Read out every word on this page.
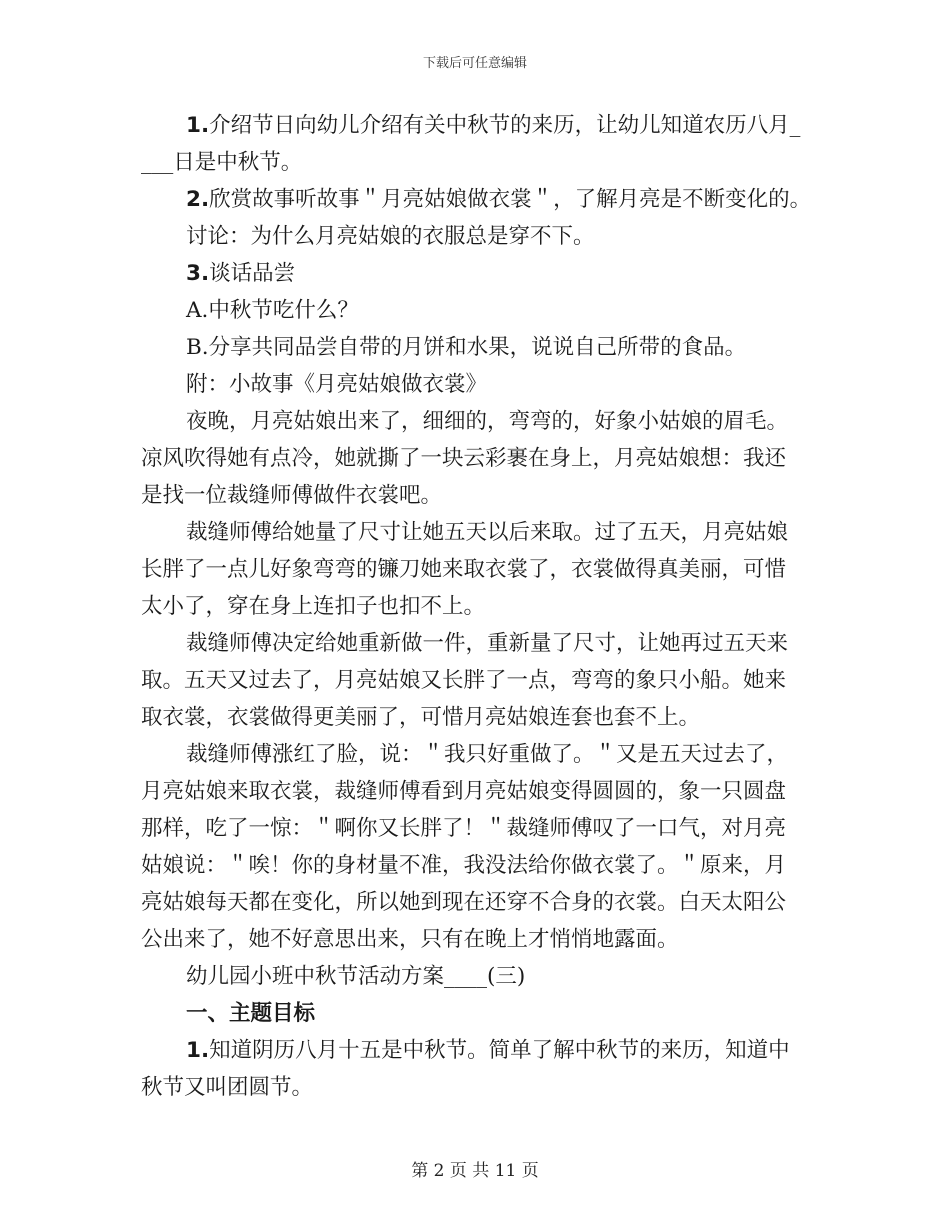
下载后可任意编辑
1.介绍节日向幼儿介绍有关中秋节的来历，让幼儿知道农历八月_
___日是中秋节。
2.欣赏故事听故事＂月亮姑娘做衣裳＂，了解月亮是不断变化的。
讨论：为什么月亮姑娘的衣服总是穿不下。
3.谈话品尝
A.中秋节吃什么？
B.分享共同品尝自带的月饼和水果，说说自己所带的食品。
附：小故事《月亮姑娘做衣裳》
夜晚，月亮姑娘出来了，细细的，弯弯的，好象小姑娘的眉毛。
凉风吹得她有点冷，她就撕了一块云彩裹在身上，月亮姑娘想：我还
是找一位裁缝师傅做件衣裳吧。
裁缝师傅给她量了尺寸让她五天以后来取。过了五天，月亮姑娘
长胖了一点儿好象弯弯的镰刀她来取衣裳了，衣裳做得真美丽，可惜
太小了，穿在身上连扣子也扣不上。
裁缝师傅决定给她重新做一件，重新量了尺寸，让她再过五天来
取。五天又过去了，月亮姑娘又长胖了一点，弯弯的象只小船。她来
取衣裳，衣裳做得更美丽了，可惜月亮姑娘连套也套不上。
裁缝师傅涨红了脸，说：＂我只好重做了。＂又是五天过去了，
月亮姑娘来取衣裳，裁缝师傅看到月亮姑娘变得圆圆的，象一只圆盘
那样，吃了一惊：＂啊你又长胖了！＂裁缝师傅叹了一口气，对月亮
姑娘说：＂唉！你的身材量不准，我没法给你做衣裳了。＂原来，月
亮姑娘每天都在变化，所以她到现在还穿不合身的衣裳。白天太阳公
公出来了，她不好意思出来，只有在晚上才悄悄地露面。
幼儿园小班中秋节活动方案____(三)
一、主题目标
1.知道阴历八月十五是中秋节。简单了解中秋节的来历，知道中
秋节又叫团圆节。
第 2 页 共 11 页
